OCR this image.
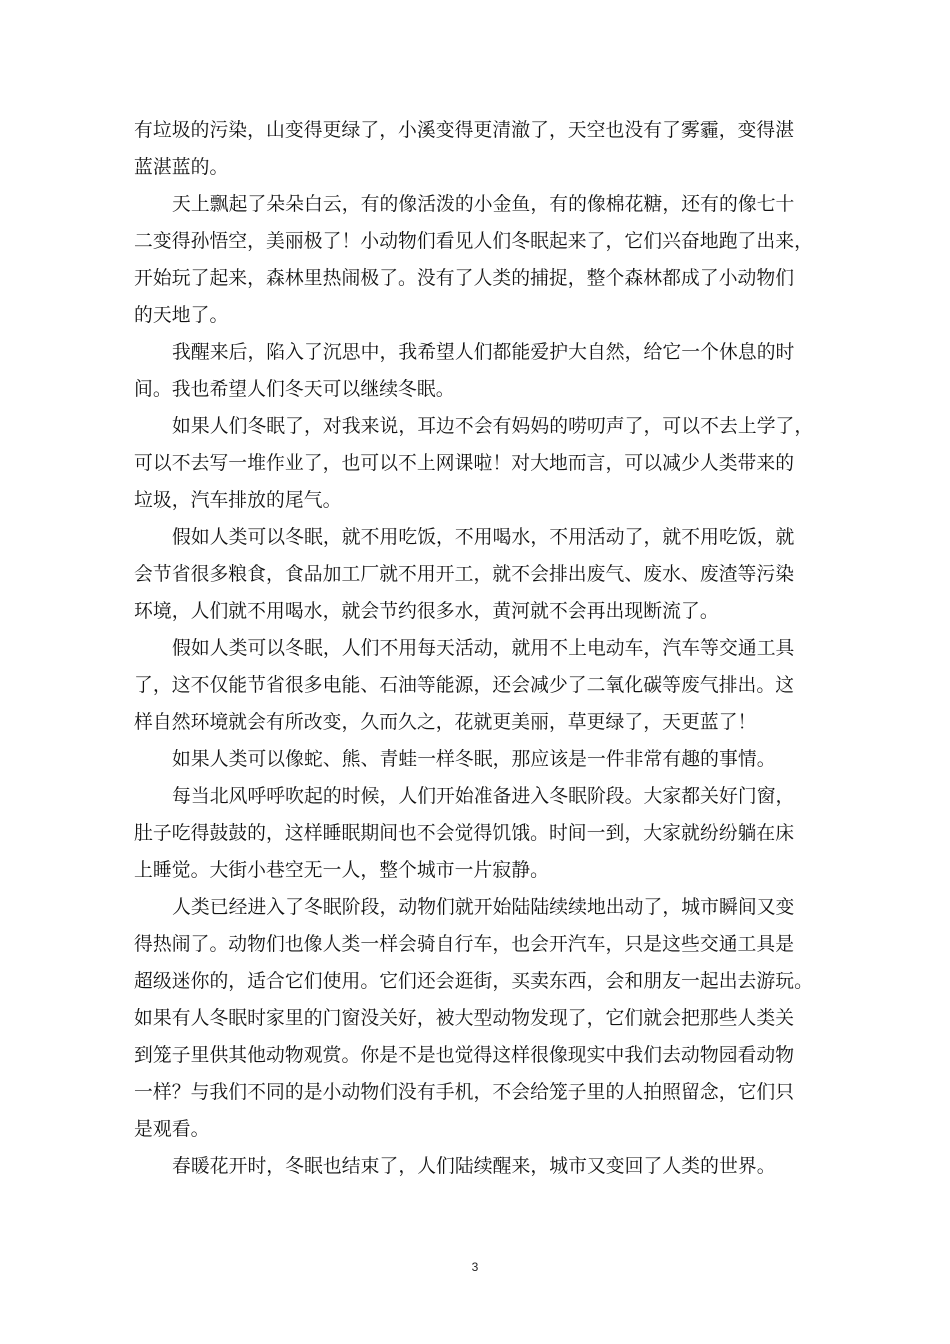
有垃圾的污染，山变得更绿了，小溪变得更清澈了，天空也没有了雾霾，变得湛
蓝湛蓝的。
天上飘起了朵朵白云，有的像活泼的小金鱼，有的像棉花糖，还有的像七十
二变得孙悟空，美丽极了！小动物们看见人们冬眠起来了，它们兴奋地跑了出来，
开始玩了起来，森林里热闹极了。没有了人类的捕捉，整个森林都成了小动物们
的天地了。
我醒来后，陷入了沉思中，我希望人们都能爱护大自然，给它一个休息的时
间。我也希望人们冬天可以继续冬眠。
如果人们冬眠了，对我来说，耳边不会有妈妈的唠叨声了，可以不去上学了，
可以不去写一堆作业了，也可以不上网课啦！对大地而言，可以减少人类带来的
垃圾，汽车排放的尾气。
假如人类可以冬眠，就不用吃饭，不用喝水，不用活动了，就不用吃饭，就
会节省很多粮食，食品加工厂就不用开工，就不会排出废气、废水、废渣等污染
环境，人们就不用喝水，就会节约很多水，黄河就不会再出现断流了。
假如人类可以冬眠，人们不用每天活动，就用不上电动车，汽车等交通工具
了，这不仅能节省很多电能、石油等能源，还会减少了二氧化碳等废气排出。这
样自然环境就会有所改变，久而久之，花就更美丽，草更绿了，天更蓝了！
如果人类可以像蛇、熊、青蛙一样冬眠，那应该是一件非常有趣的事情。
每当北风呼呼吹起的时候，人们开始准备进入冬眠阶段。大家都关好门窗，
肚子吃得鼓鼓的，这样睡眠期间也不会觉得饥饿。时间一到，大家就纷纷躺在床
上睡觉。大街小巷空无一人，整个城市一片寂静。
人类已经进入了冬眠阶段，动物们就开始陆陆续续地出动了，城市瞬间又变
得热闹了。动物们也像人类一样会骑自行车，也会开汽车，只是这些交通工具是
超级迷你的，适合它们使用。它们还会逛街，买卖东西，会和朋友一起出去游玩。
如果有人冬眠时家里的门窗没关好，被大型动物发现了，它们就会把那些人类关
到笼子里供其他动物观赏。你是不是也觉得这样很像现实中我们去动物园看动物
一样？与我们不同的是小动物们没有手机，不会给笼子里的人拍照留念，它们只
是观看。
春暖花开时，冬眠也结束了，人们陆续醒来，城市又变回了人类的世界。
3
